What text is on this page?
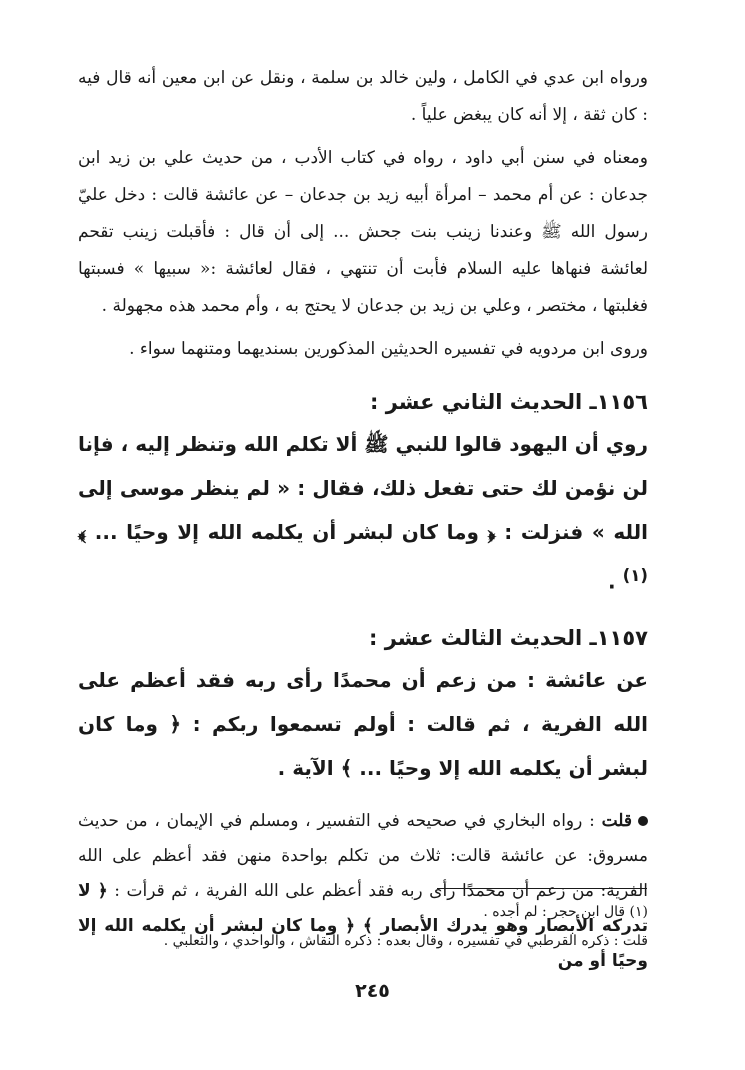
ورواه ابن عدي في الكامل ، ولين خالد بن سلمة ، ونقل عن ابن معين أنه قال فيه : كان ثقة ، إلا أنه كان يبغض علياً .

ومعناه في سنن أبي داود ، رواه في كتاب الأدب ، من حديث علي بن زيد ابن جدعان : عن أم محمد – امرأة أبيه زيد بن جدعان – عن عائشة قالت : دخل عليّ رسول الله ﷺ وعندنا زينب بنت جحش ... إلى أن قال : فأقبلت زينب تقحم لعائشة فنهاها عليه السلام فأبت أن تنتهي ، فقال لعائشة :« سبيها » فسبتها فغلبتها ، مختصر ، وعلي بن زيد بن جدعان لا يحتج به ، وأم محمد هذه مجهولة .

وروى ابن مردويه في تفسيره الحديثين المذكورين بسنديهما ومتنهما سواء .

١١٥٦ـ الحديث الثاني عشر :

روي أن اليهود قالوا للنبي ﷺ ألا تكلم الله وتنظر إليه ، فإنا لن نؤمن لك حتى تفعل ذلك، فقال : « لم ينظر موسى إلى الله » فنزلت : ﴿ وما كان لبشر أن يكلمه الله إلا وحيًا ... ﴾$^{(١)}$ .

١١٥٧ـ الحديث الثالث عشر :

عن عائشة : من زعم أن محمدًا رأى ربه فقد أعظم على الله الفرية ، ثم قالت : أولم تسمعوا ربكم : ﴿ وما كان لبشر أن يكلمه الله إلا وحيًا ... ﴾ الآية .

قلت : رواه البخاري في صحيحه في التفسير ، ومسلم في الإيمان ، من حديث مسروق: عن عائشة قالت: ثلاث من تكلم بواحدة منهن فقد أعظم على الله الفرية: من زعم أن محمدًا رأى ربه فقد أعظم على الله الفرية ، ثم قرأت : ﴿ لا تدركه الأبصار وهو يدرك الأبصار ﴾ ﴿ وما كان لبشر أن يكلمه الله إلا وحيًا أو من

(١) قال ابن حجر : لم أجده .

قلت : ذكره القرطبي في تفسيره ، وقال بعده : ذكره النقاش ، والواحدي ، والثعلبي .

٢٤٥
